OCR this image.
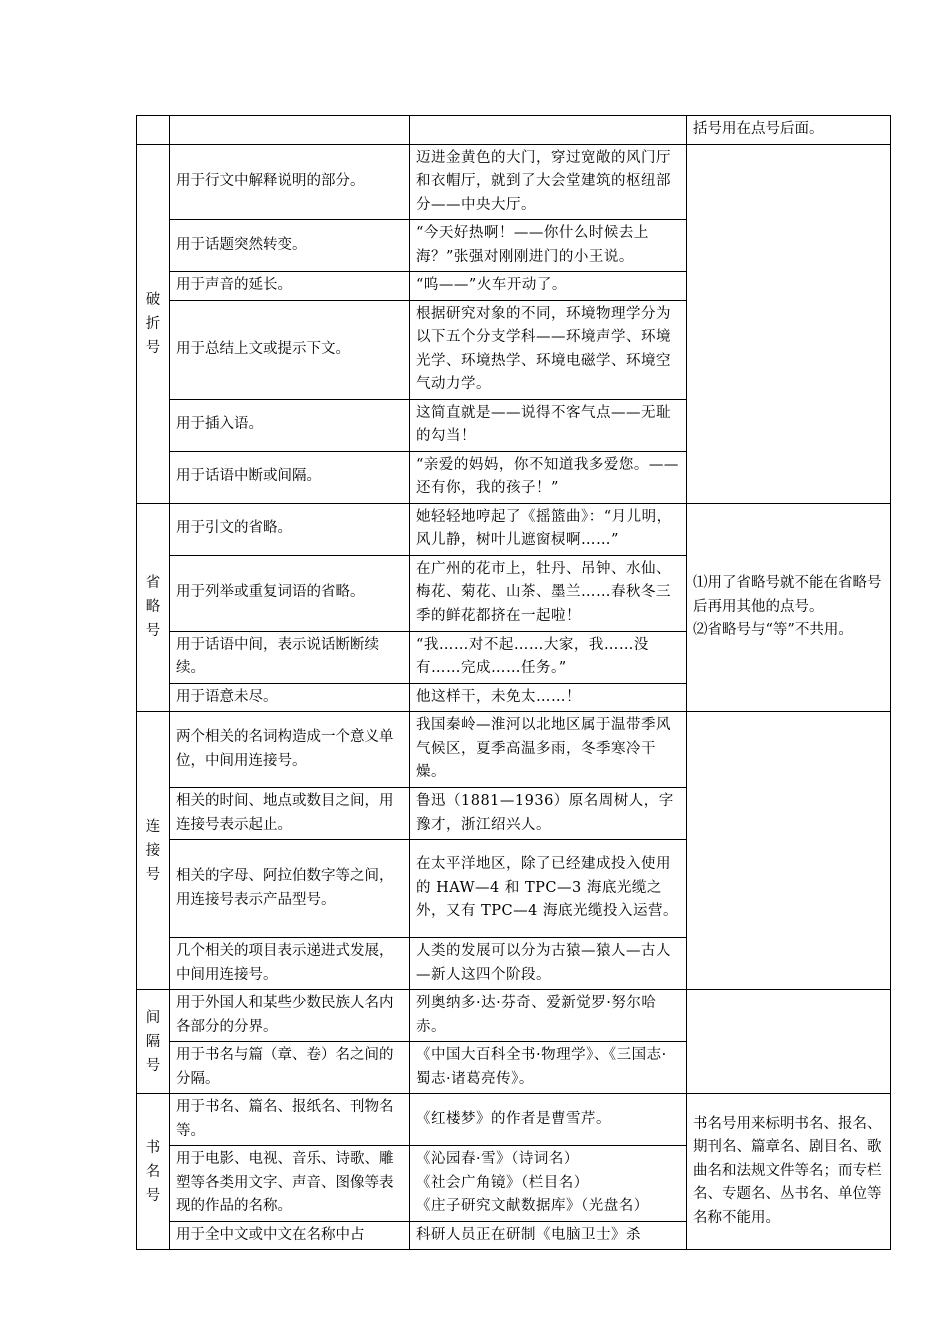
			括号用在点号后面。

破折号	用于行文中解释说明的部分。	迈进金黄色的大门，穿过宽敞的风门厅和衣帽厅，就到了大会堂建筑的枢纽部分——中央大厅。	
	用于话题突然转变。	“今天好热啊！——你什么时候去上海？”张强对刚刚进门的小王说。	
	用于声音的延长。	“呜——”火车开动了。	
	用于总结上文或提示下文。	根据研究对象的不同，环境物理学分为以下五个分支学科——环境声学、环境光学、环境热学、环境电磁学、环境空气动力学。	
	用于插入语。	这简直就是——说得不客气点——无耻的勾当！	
	用于话语中断或间隔。	“亲爱的妈妈，你不知道我多爱您。——还有你，我的孩子！”	

省略号	用于引文的省略。	她轻轻地哼起了《摇篮曲》：“月儿明，风儿静，树叶儿遮窗棂啊……”	⑴用了省略号就不能在省略号后再用其他的点号。

⑵省略号与“等”不共用。

	用于列举或重复词语的省略。	在广州的花市上，牡丹、吊钟、水仙、梅花、菊花、山茶、墨兰……春秋冬三季的鲜花都挤在一起啦！	
	用于话语中间，表示说话断断续续。	“我……对不起……大家，我……没有……完成……任务。”	
	用于语意未尽。	他这样干，未免太……！	

连接号	两个相关的名词构造成一个意义单位，中间用连接号。	我国秦岭—淮河以北地区属于温带季风气候区，夏季高温多雨，冬季寒冷干燥。	
	相关的时间、地点或数目之间，用连接号表示起止。	鲁迅（1881—1936）原名周树人，字豫才，浙江绍兴人。	
	相关的字母、阿拉伯数字等之间，用连接号表示产品型号。	在太平洋地区，除了已经建成投入使用的 HAW—4 和 TPC—3 海底光缆之外，又有 TPC—4 海底光缆投入运营。	
	几个相关的项目表示递进式发展，中间用连接号。	人类的发展可以分为古猿—猿人—古人—新人这四个阶段。	

间隔号	用于外国人和某些少数民族人名内各部分的分界。	列奥纳多·达·芬奇、爱新觉罗·努尔哈赤。	
	用于书名与篇（章、卷）名之间的分隔。	《中国大百科全书·物理学》、《三国志·蜀志·诸葛亮传》。	

书名号	用于书名、篇名、报纸名、刊物名等。	《红楼梦》的作者是曹雪芹。	书名号用来标明书名、报名、期刊名、篇章名、剧目名、歌曲名和法规文件等名；而专栏名、专题名、丛书名、单位等名称不能用。
	用于电影、电视、音乐、诗歌、雕塑等各类用文字、声音、图像等表现的作品的名称。	《沁园春·雪》（诗词名）
《社会广角镜》（栏目名）
《庄子研究文献数据库》（光盘名）	

	用于全中文或中文在名称中占	科研人员正在研制《电脑卫士》杀	
